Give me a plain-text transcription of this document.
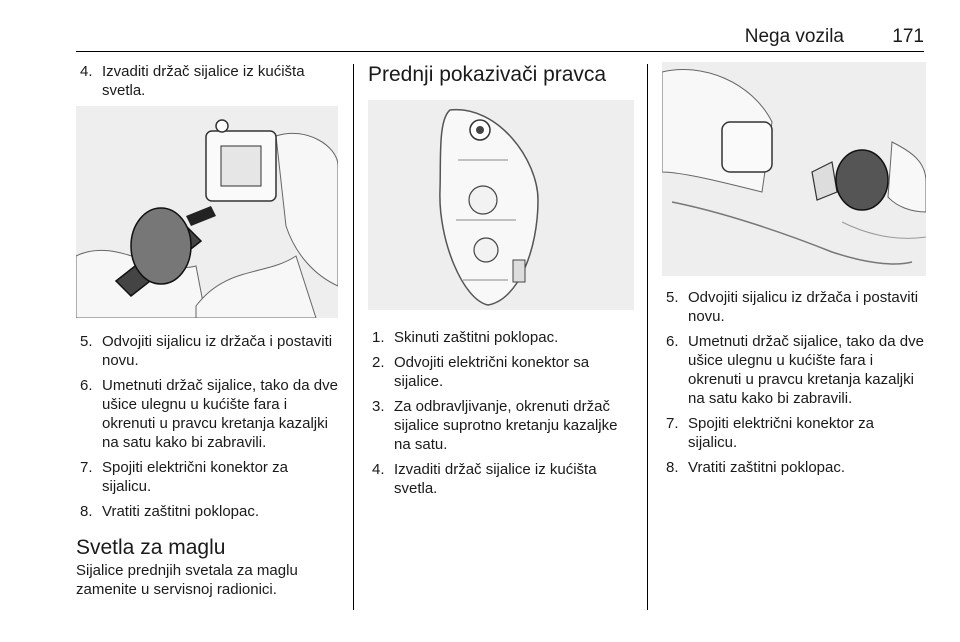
Nega vozila	171
4. Izvaditi držač sijalice iz kućišta svetla.
5. Odvojiti sijalicu iz držača i postaviti novu.
6. Umetnuti držač sijalice, tako da dve ušice ulegnu u kućište fara i okrenuti u pravcu kretanja kazaljki na satu kako bi zabravili.
7. Spojiti električni konektor za sijalicu.
8. Vratiti zaštitni poklopac.
Svetla za maglu

Sijalice prednjih svetala za maglu zamenite u servisnoj radionici.

Prednji pokazivači pravca
1. Skinuti zaštitni poklopac.
2. Odvojiti električni konektor sa sijalice.
3. Za odbravljivanje, okrenuti držač sijalice suprotno kretanju kazaljke na satu.
4. Izvaditi držač sijalice iz kućišta svetla.
5. Odvojiti sijalicu iz držača i postaviti novu.
6. Umetnuti držač sijalice, tako da dve ušice ulegnu u kućište fara i okrenuti u pravcu kretanja kazaljki na satu kako bi zabravili.
7. Spojiti električni konektor za sijalicu.
8. Vratiti zaštitni poklopac.
